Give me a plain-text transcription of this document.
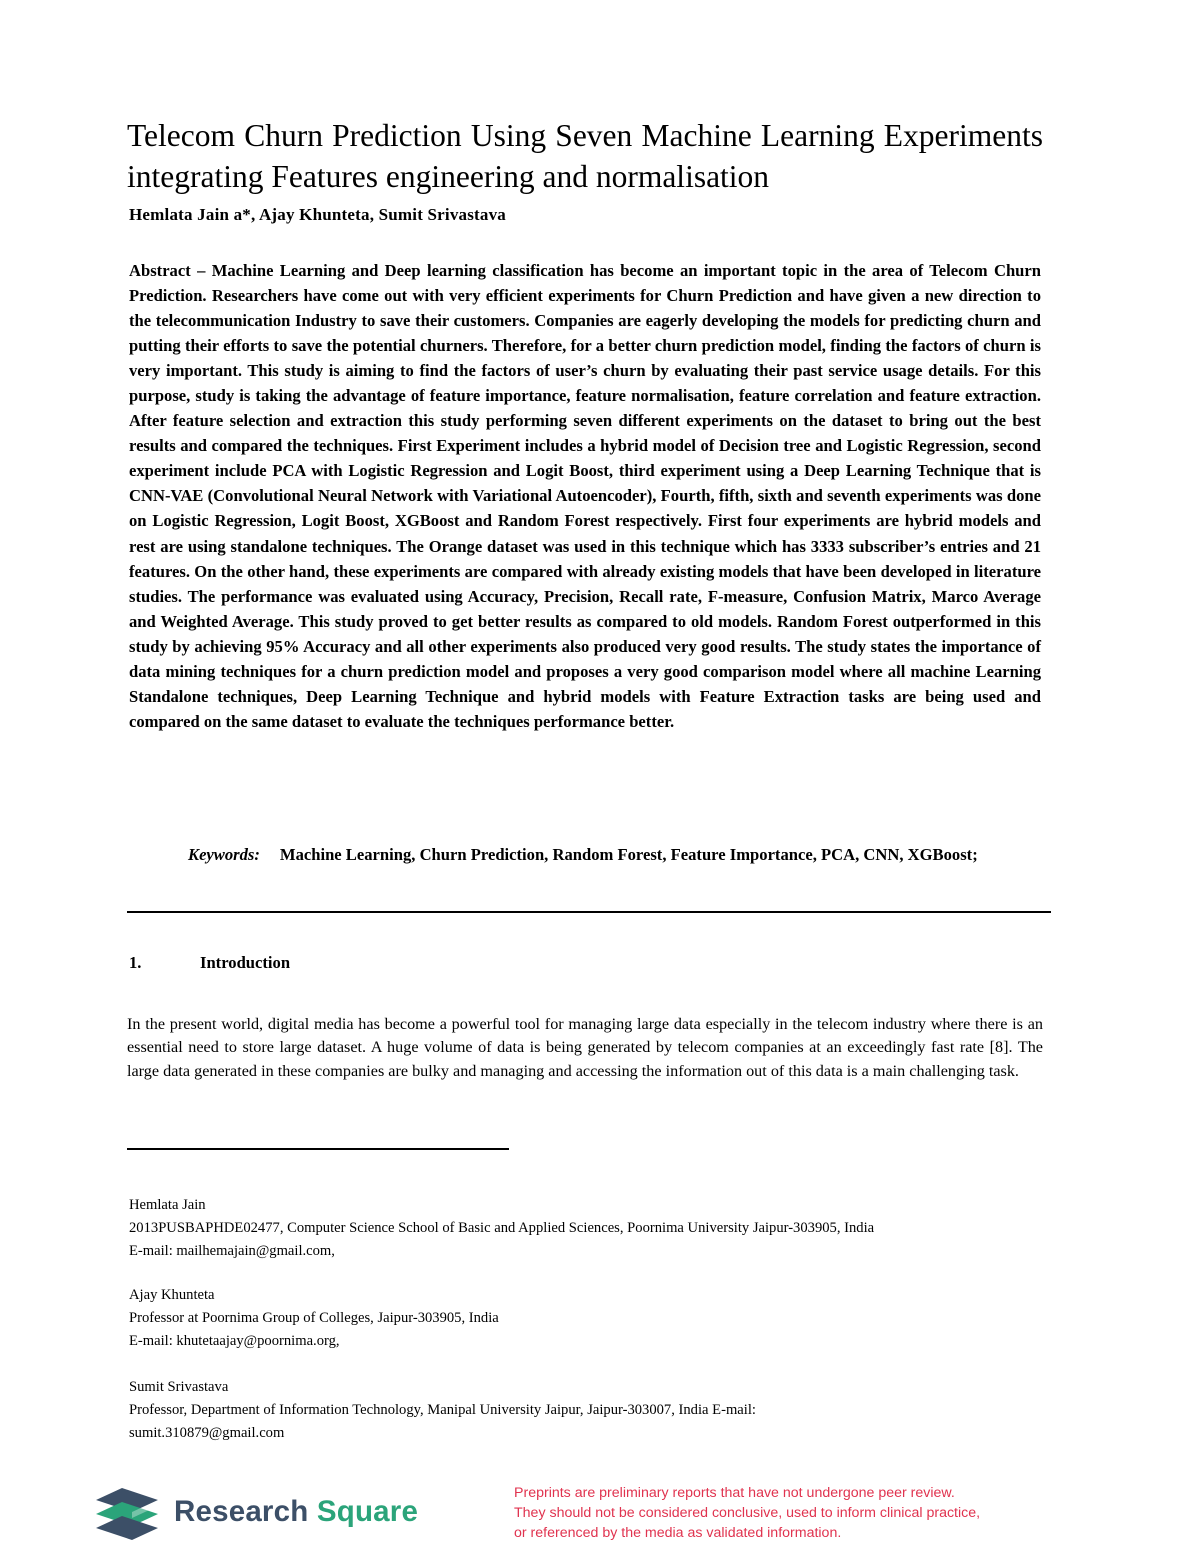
Telecom Churn Prediction Using Seven Machine Learning Experiments integrating Features engineering and normalisation

Hemlata Jain a*, Ajay Khunteta, Sumit Srivastava

Abstract – Machine Learning and Deep learning classification has become an important topic in the area of Telecom Churn Prediction. Researchers have come out with very efficient experiments for Churn Prediction and have given a new direction to the telecommunication Industry to save their customers. Companies are eagerly developing the models for predicting churn and putting their efforts to save the potential churners. Therefore, for a better churn prediction model, finding the factors of churn is very important. This study is aiming to find the factors of user’s churn by evaluating their past service usage details. For this purpose, study is taking the advantage of feature importance, feature normalisation, feature correlation and feature extraction. After feature selection and extraction this study performing seven different experiments on the dataset to bring out the best results and compared the techniques. First Experiment includes a hybrid model of Decision tree and Logistic Regression, second experiment include PCA with Logistic Regression and Logit Boost, third experiment using a Deep Learning Technique that is CNN-VAE (Convolutional Neural Network with Variational Autoencoder), Fourth, fifth, sixth and seventh experiments was done on Logistic Regression, Logit Boost, XGBoost and Random Forest respectively. First four experiments are hybrid models and rest are using standalone techniques. The Orange dataset was used in this technique which has 3333 subscriber’s entries and 21 features. On the other hand, these experiments are compared with already existing models that have been developed in literature studies. The performance was evaluated using Accuracy, Precision, Recall rate, F-measure, Confusion Matrix, Marco Average and Weighted Average. This study proved to get better results as compared to old models. Random Forest outperformed in this study by achieving 95% Accuracy and all other experiments also produced very good results. The study states the importance of data mining techniques for a churn prediction model and proposes a very good comparison model where all machine Learning Standalone techniques, Deep Learning Technique and hybrid models with Feature Extraction tasks are being used and compared on the same dataset to evaluate the techniques performance better.

Keywords: Machine Learning, Churn Prediction, Random Forest, Feature Importance, PCA, CNN, XGBoost;

1.	Introduction

In the present world, digital media has become a powerful tool for managing large data especially in the telecom industry where there is an essential need to store large dataset. A huge volume of data is being generated by telecom companies at an exceedingly fast rate [8]. The large data generated in these companies are bulky and managing and accessing the information out of this data is a main challenging task.

Hemlata Jain

2013PUSBAPHDE02477, Computer Science School of Basic and Applied Sciences, Poornima University Jaipur-303905, India

E-mail: mailhemajain@gmail.com,

Ajay Khunteta

Professor at Poornima Group of Colleges, Jaipur-303905, India

E-mail: khutetaajay@poornima.org,

Sumit Srivastava

Professor, Department of Information Technology, Manipal University Jaipur, Jaipur-303007, India E-mail:

sumit.310879@gmail.com

Research Square

Preprints are preliminary reports that have not undergone peer review.

They should not be considered conclusive, used to inform clinical practice,

or referenced by the media as validated information.
